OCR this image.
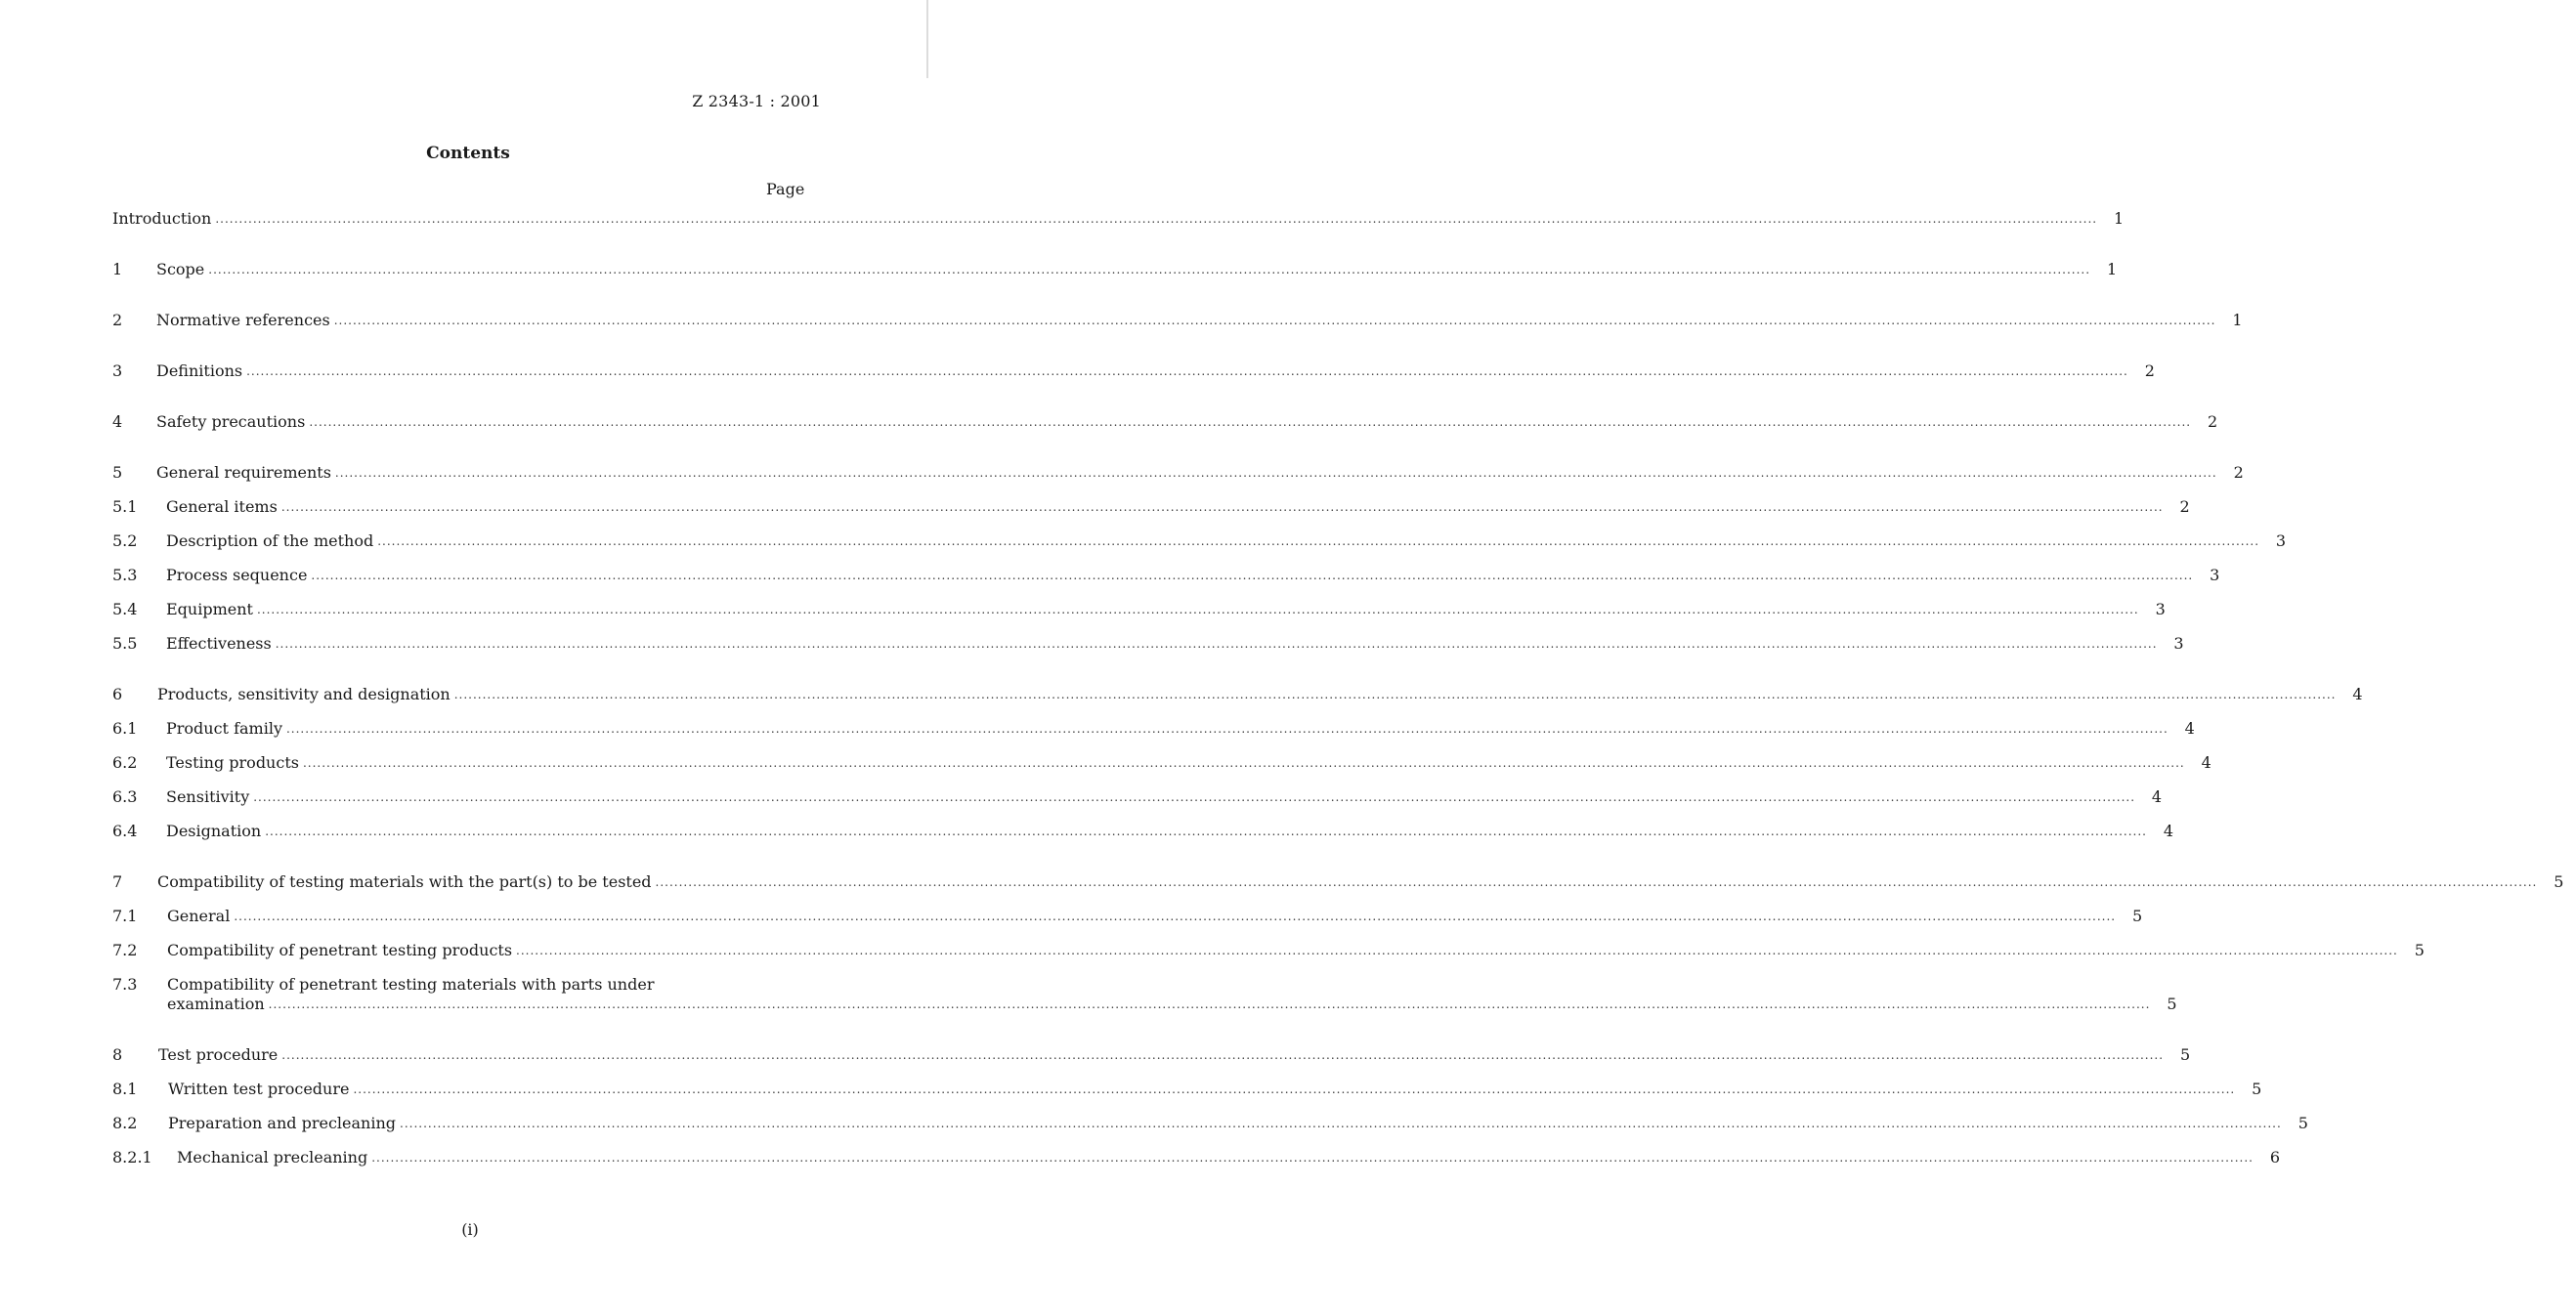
Z 2343-1 : 2001
Contents
Page
Introduction ................................................................................................................................................................................................................................................................................................................................................................................................................	1
1	Scope ................................................................................................................................................................................................................................................................................................................................................................................................................	1
2	Normative references ................................................................................................................................................................................................................................................................................................................................................................................................................	1
3	Definitions ................................................................................................................................................................................................................................................................................................................................................................................................................	2
4	Safety precautions ................................................................................................................................................................................................................................................................................................................................................................................................................	2
5	General requirements ................................................................................................................................................................................................................................................................................................................................................................................................................	2
5.1	General items ................................................................................................................................................................................................................................................................................................................................................................................................................	2
5.2	Description of the method ................................................................................................................................................................................................................................................................................................................................................................................................................	3
5.3	Process sequence ................................................................................................................................................................................................................................................................................................................................................................................................................	3
5.4	Equipment ................................................................................................................................................................................................................................................................................................................................................................................................................	3
5.5	Effectiveness ................................................................................................................................................................................................................................................................................................................................................................................................................	3
6	Products, sensitivity and designation ................................................................................................................................................................................................................................................................................................................................................................................................................	4
6.1	Product family ................................................................................................................................................................................................................................................................................................................................................................................................................	4
6.2	Testing products ................................................................................................................................................................................................................................................................................................................................................................................................................	4
6.3	Sensitivity ................................................................................................................................................................................................................................................................................................................................................................................................................	4
6.4	Designation ................................................................................................................................................................................................................................................................................................................................................................................................................	4
7	Compatibility of testing materials with the part(s) to be tested ................................................................................................................................................................................................................................................................................................................................................................................................................	5
7.1	General ................................................................................................................................................................................................................................................................................................................................................................................................................	5
7.2	Compatibility of penetrant testing products ................................................................................................................................................................................................................................................................................................................................................................................................................	5
7.3	Compatibility of penetrant testing materials with parts under
examination ................................................................................................................................................................................................................................................................................................................................................................................................................	5
8	Test procedure ................................................................................................................................................................................................................................................................................................................................................................................................................	5
8.1	Written test procedure ................................................................................................................................................................................................................................................................................................................................................................................................................	5
8.2	Preparation and precleaning ................................................................................................................................................................................................................................................................................................................................................................................................................	5
8.2.1	Mechanical precleaning ................................................................................................................................................................................................................................................................................................................................................................................................................	6
(i)
